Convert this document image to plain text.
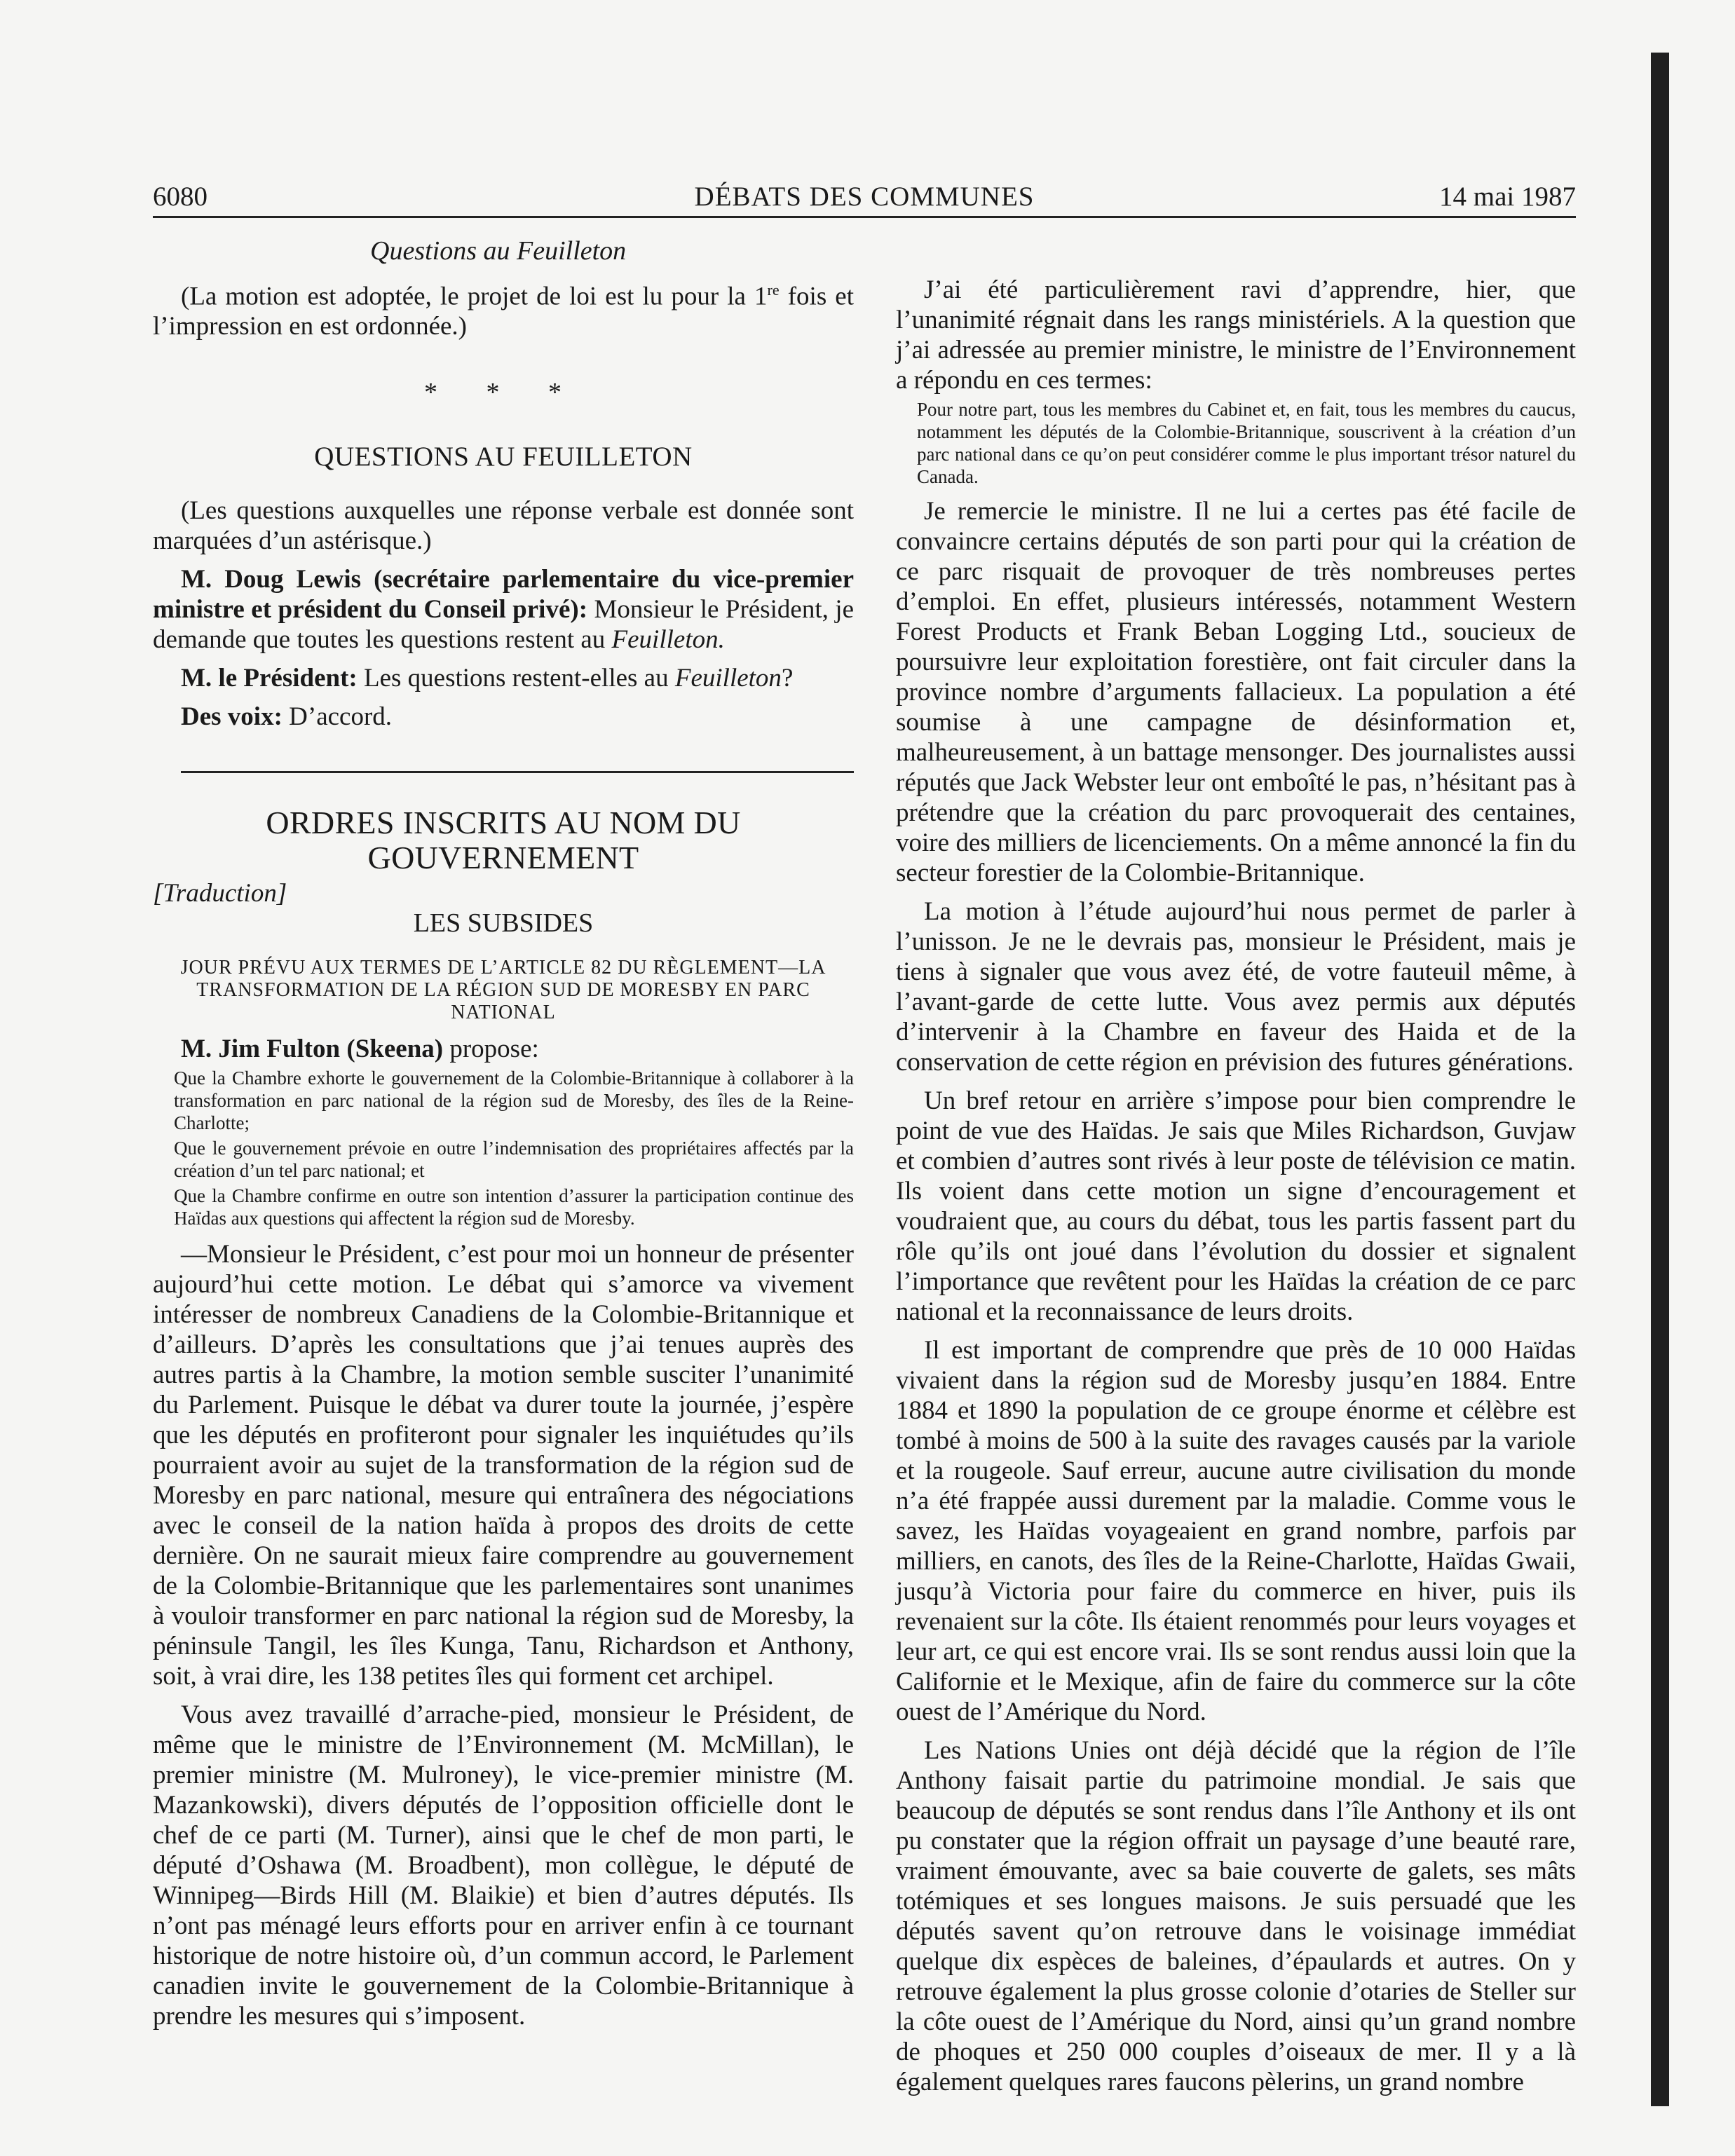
6080	DÉBATS DES COMMUNES	14 mai 1987
Questions au Feuilleton

(La motion est adoptée, le projet de loi est lu pour la 1re fois et l’impression en est ordonnée.)

* * *

QUESTIONS AU FEUILLETON

(Les questions auxquelles une réponse verbale est donnée sont marquées d’un astérisque.)

M. Doug Lewis (secrétaire parlementaire du vice-premier ministre et président du Conseil privé): Monsieur le Président, je demande que toutes les questions restent au Feuilleton.

M. le Président: Les questions restent-elles au Feuilleton?

Des voix: D’accord.

ORDRES INSCRITS AU NOM DU GOUVERNEMENT

[Traduction]

LES SUBSIDES

JOUR PRÉVU AUX TERMES DE L’ARTICLE 82 DU RÈGLEMENT—LA TRANSFORMATION DE LA RÉGION SUD DE MORESBY EN PARC NATIONAL

M. Jim Fulton (Skeena) propose:

Que la Chambre exhorte le gouvernement de la Colombie-Britannique à collaborer à la transformation en parc national de la région sud de Moresby, des îles de la Reine-Charlotte;

Que le gouvernement prévoie en outre l’indemnisation des propriétaires affectés par la création d’un tel parc national; et

Que la Chambre confirme en outre son intention d’assurer la participation continue des Haïdas aux questions qui affectent la région sud de Moresby.

—Monsieur le Président, c’est pour moi un honneur de présenter aujourd’hui cette motion. Le débat qui s’amorce va vivement intéresser de nombreux Canadiens de la Colombie-Britannique et d’ailleurs. D’après les consultations que j’ai tenues auprès des autres partis à la Chambre, la motion semble susciter l’unanimité du Parlement. Puisque le débat va durer toute la journée, j’espère que les députés en profiteront pour signaler les inquiétudes qu’ils pourraient avoir au sujet de la transformation de la région sud de Moresby en parc national, mesure qui entraînera des négociations avec le conseil de la nation haïda à propos des droits de cette dernière. On ne saurait mieux faire comprendre au gouvernement de la Colombie-Britannique que les parlementaires sont unanimes à vouloir transformer en parc national la région sud de Moresby, la péninsule Tangil, les îles Kunga, Tanu, Richardson et Anthony, soit, à vrai dire, les 138 petites îles qui forment cet archipel.

Vous avez travaillé d’arrache-pied, monsieur le Président, de même que le ministre de l’Environnement (M. McMillan), le premier ministre (M. Mulroney), le vice-premier ministre (M. Mazankowski), divers députés de l’opposition officielle dont le chef de ce parti (M. Turner), ainsi que le chef de mon parti, le député d’Oshawa (M. Broadbent), mon collègue, le député de Winnipeg—Birds Hill (M. Blaikie) et bien d’autres députés. Ils n’ont pas ménagé leurs efforts pour en arriver enfin à ce tournant historique de notre histoire où, d’un commun accord, le Parlement canadien invite le gouvernement de la Colombie-Britannique à prendre les mesures qui s’imposent.

J’ai été particulièrement ravi d’apprendre, hier, que l’unanimité régnait dans les rangs ministériels. A la question que j’ai adressée au premier ministre, le ministre de l’Environnement a répondu en ces termes:

Pour notre part, tous les membres du Cabinet et, en fait, tous les membres du caucus, notamment les députés de la Colombie-Britannique, souscrivent à la création d’un parc national dans ce qu’on peut considérer comme le plus important trésor naturel du Canada.

Je remercie le ministre. Il ne lui a certes pas été facile de convaincre certains députés de son parti pour qui la création de ce parc risquait de provoquer de très nombreuses pertes d’emploi. En effet, plusieurs intéressés, notamment Western Forest Products et Frank Beban Logging Ltd., soucieux de poursuivre leur exploitation forestière, ont fait circuler dans la province nombre d’arguments fallacieux. La population a été soumise à une campagne de désinformation et, malheureusement, à un battage mensonger. Des journalistes aussi réputés que Jack Webster leur ont emboîté le pas, n’hésitant pas à prétendre que la création du parc provoquerait des centaines, voire des milliers de licenciements. On a même annoncé la fin du secteur forestier de la Colombie-Britannique.

La motion à l’étude aujourd’hui nous permet de parler à l’unisson. Je ne le devrais pas, monsieur le Président, mais je tiens à signaler que vous avez été, de votre fauteuil même, à l’avant-garde de cette lutte. Vous avez permis aux députés d’intervenir à la Chambre en faveur des Haida et de la conservation de cette région en prévision des futures générations.

Un bref retour en arrière s’impose pour bien comprendre le point de vue des Haïdas. Je sais que Miles Richardson, Guvjaw et combien d’autres sont rivés à leur poste de télévision ce matin. Ils voient dans cette motion un signe d’encouragement et voudraient que, au cours du débat, tous les partis fassent part du rôle qu’ils ont joué dans l’évolution du dossier et signalent l’importance que revêtent pour les Haïdas la création de ce parc national et la reconnaissance de leurs droits.

Il est important de comprendre que près de 10 000 Haïdas vivaient dans la région sud de Moresby jusqu’en 1884. Entre 1884 et 1890 la population de ce groupe énorme et célèbre est tombé à moins de 500 à la suite des ravages causés par la variole et la rougeole. Sauf erreur, aucune autre civilisation du monde n’a été frappée aussi durement par la maladie. Comme vous le savez, les Haïdas voyageaient en grand nombre, parfois par milliers, en canots, des îles de la Reine-Charlotte, Haïdas Gwaii, jusqu’à Victoria pour faire du commerce en hiver, puis ils revenaient sur la côte. Ils étaient renommés pour leurs voyages et leur art, ce qui est encore vrai. Ils se sont rendus aussi loin que la Californie et le Mexique, afin de faire du commerce sur la côte ouest de l’Amérique du Nord.

Les Nations Unies ont déjà décidé que la région de l’île Anthony faisait partie du patrimoine mondial. Je sais que beaucoup de députés se sont rendus dans l’île Anthony et ils ont pu constater que la région offrait un paysage d’une beauté rare, vraiment émouvante, avec sa baie couverte de galets, ses mâts totémiques et ses longues maisons. Je suis persuadé que les députés savent qu’on retrouve dans le voisinage immédiat quelque dix espèces de baleines, d’épaulards et autres. On y retrouve également la plus grosse colonie d’otaries de Steller sur la côte ouest de l’Amérique du Nord, ainsi qu’un grand nombre de phoques et 250 000 couples d’oiseaux de mer. Il y a là également quelques rares faucons pèlerins, un grand nombre
